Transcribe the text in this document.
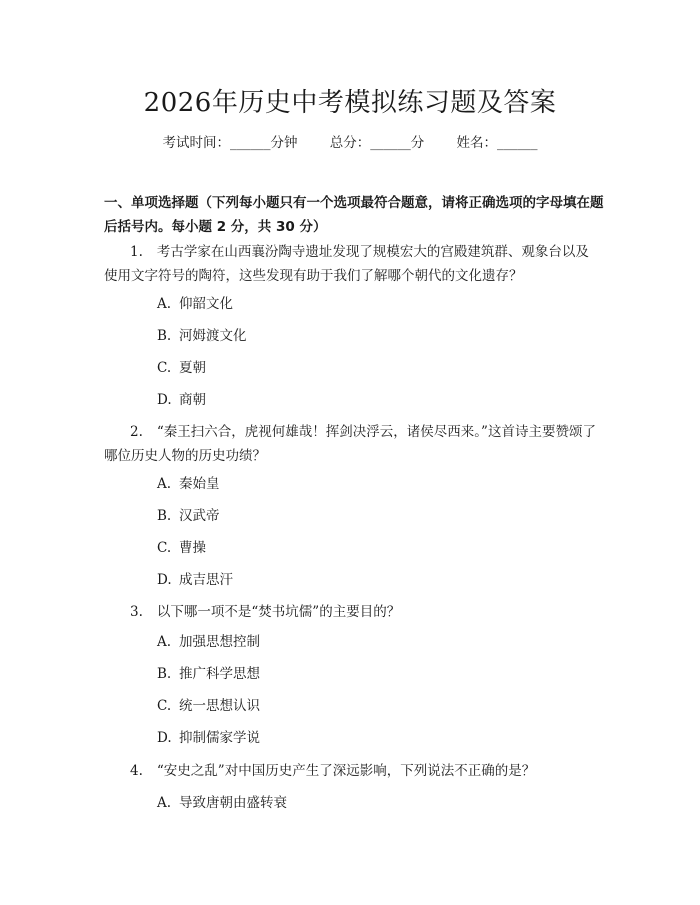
2026年历史中考模拟练习题及答案
考试时间：______分钟 总分：______分 姓名：______
一、单项选择题（下列每小题只有一个选项最符合题意，请将正确选项的字母填在题后括号内。每小题 2 分，共 30 分）
1. 考古学家在山西襄汾陶寺遗址发现了规模宏大的宫殿建筑群、观象台以及使用文字符号的陶符，这些发现有助于我们了解哪个朝代的文化遗存？
A. 仰韶文化
B. 河姆渡文化
C. 夏朝
D. 商朝
2. “秦王扫六合，虎视何雄哉！挥剑决浮云，诸侯尽西来。”这首诗主要赞颂了哪位历史人物的历史功绩？
A. 秦始皇
B. 汉武帝
C. 曹操
D. 成吉思汗
3. 以下哪一项不是“焚书坑儒”的主要目的？
A. 加强思想控制
B. 推广科学思想
C. 统一思想认识
D. 抑制儒家学说
4. “安史之乱”对中国历史产生了深远影响，下列说法不正确的是？
A. 导致唐朝由盛转衰
